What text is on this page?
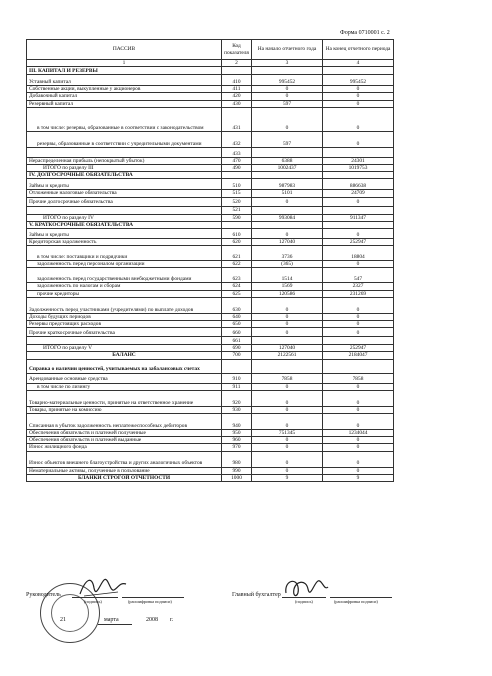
Форма 0710001 с. 2
ПАССИВ	Код показателя	На начало отчетного года	На конец отчетного периода
1	2	3	4
III. КАПИТАЛ И РЕЗЕРВЫ			
Уставный капитал	410	995452	995452
Собственные акции, выкупленные у акционеров	411	0	0
Добавочный капитал	420	0	0
Резервный капитал	430	597	0
в том числе: резервы, образованные в соответствии с законодательством	431	0	0
резервы, образованные в соответствии с учредительными документами	432	597	0
	433		
Нераспределенная прибыль (непокрытый убыток)	470	6388	24301
ИТОГО по разделу III	490	1002437	1019753
IV. ДОЛГОСРОЧНЫЕ ОБЯЗАТЕЛЬСТВА			
Займы и кредиты	510	987983	886638
Отложенные налоговые обязательства	515	5101	24709
Прочие долгосрочные обязательства	520	0	0
	521		
ИТОГО по разделу IV	590	993084	911347
V. КРАТКОСРОЧНЫЕ ОБЯЗАТЕЛЬСТВА			
Займы и кредиты	610	0	0
Кредиторская задолженность	620	127040	252947
в том числе: поставщики и подрядчики	621	3736	18804
задолженность перед персоналом организации	622	(365)	0
задолженность перед государственными внебюджетными фондами	623	1514	547
задолженность по налогам и сборам	624	1569	2327
прочие кредиторы	625	120586	231269
Задолженность перед участниками (учредителями) по выплате доходов	630	0	0
Доходы будущих периодов	640	0	0
Резервы предстоящих расходов	650	0	0
Прочие краткосрочные обязательства	660	0	0
	661		
ИТОГО по разделу V	690	127040	252947
БАЛАНС	700	2122561	2184047
Справка о наличии ценностей, учитываемых на забалансовых счетах			
Арендованные основные средства	910	7858	7858
в том числе по лизингу	911	0	0
Товарно-материальные ценности, принятые на ответственное хранение	920	0	0
Товары, принятые на комиссию	930	0	0
Списанная в убыток задолженность неплатежеспособных дебиторов	940	0	0
Обеспечения обязательств и платежей полученные	950	751345	1234044
Обеспечения обязательств и платежей выданные	960	0	0
Износ жилищного фонда	970	0	0
Износ объектов внешнего благоустройства и других аналогичных объектов	980	0	0
Нематериальные активы, полученные в пользование	990	0	0
БЛАНКИ СТРОГОЙ ОТЧЕТНОСТИ	1000	9	9
Руководитель
(подпись)	(расшифровка подписи)
Главный бухгалтер
(подпись)	(расшифровка подписи)
21	марта	2008 г.
